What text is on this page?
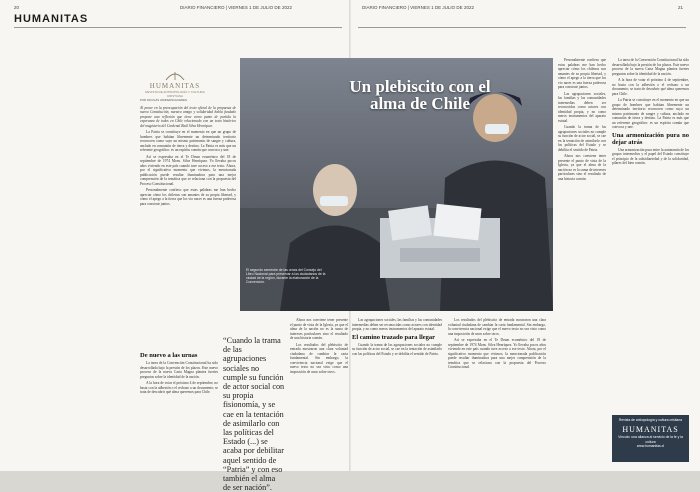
20	DIARIO FINANCIERO | VIERNES 1 DE JULIO DE 2022	DIARIO FINANCIERO | VIERNES 1 DE JULIO DE 2022	21
HUMANITAS
HUMANITAS
REVISTA DE ANTROPOLOGÍA Y CULTURA CRISTIANA
POR NICOLÁS VANDERSCHUEREN

Al poner en la preocupación del texto oficial de la propuesta de nueva Constitución, nuestra amigo y solidaridad habla fundado propone una reflexión que tiene como punto de partida la esperanza de todos en Chile relacionado con un texto histórico del magisterio del Cardenal Raúl Silva Henríquez.

La Patria se constituye en el momento en que un grupo de hombres que habitan libremente un determinado territorio reconocen como suyo un mismo patrimonio de sangre y cultura, anclado en comunión de tierra y destino. La Patria es más que un referente geográfico: es un espíritu común que convoca y une.

Así se expresaba en el Te Deum ecuménico del 18 de septiembre de 1974 Mons. Silva Henríquez. Yo llevaba pocos años viviendo en este país cuando tuve acceso a ese texto. Ahora, por el significativo momento que vivimos, la mencionada publicación puede resultar iluminadora para una mejor comprensión de la temática que se relaciona con la propuesta del Proceso Constitucional.

Personalmente confieso que estas palabras me han hecho apreciar cómo los chilenos son amantes de su propia libertad, y cómo el apego a la tierra que los vio nacer es una fuerza poderosa para construir juntos.

De nuevo a las urnas

La tarea de la Convención Constitucional ha sido desarrollada bajo la presión de los plazos. Este nuevo proceso de la nueva Carta Magna plantea fuertes preguntas sobre la identidad de la nación.

A la hora de votar el próximo 4 de septiembre, no basta con la adhesión o el rechazo a un documento; se trata de descubrir qué alma queremos para Chile.

“Cuando la trama de las agrupaciones sociales no cumple su función de actor social con su propia fisionomía, y se cae en la tentación de asimilarlo con las políticas del Estado (...) se acaba por debilitar aquel sentido de “Patria” y con eso también el alma de ser nación”.

Ahora nos conviene tener presente el punto de vista de la Iglesia, ya que el alma de la nación no es la suma de intereses particulares sino el resultado de una historia común.

Los resultados del plebiscito de entrada mostraron una clara voluntad ciudadana de cambiar la carta fundamental. Sin embargo, la convivencia nacional exige que el nuevo texto no sea visto como una imposición de unos sobre otros.

Un plebiscito con el alma de Chile
El segundo semestre de las urnas del Consejo del Libro Nacional para preservar a los ciudadanos de la ciudad de la región, durante la elaboración de la Convención.

Las agrupaciones sociales, las familias y las comunidades intermedias deben ser reconocidas como actores con identidad propia, y no como meros instrumentos del aparato estatal.

El camino trazado para llegar

Cuando la trama de las agrupaciones sociales no cumple su función de actor social, se cae en la tentación de asimilarlo con las políticas del Estado y se debilita el sentido de Patria.

Los resultados del plebiscito de entrada mostraron una clara voluntad ciudadana de cambiar la carta fundamental. Sin embargo, la convivencia nacional exige que el nuevo texto no sea visto como una imposición de unos sobre otros.

Así se expresaba en el Te Deum ecuménico del 18 de septiembre de 1974 Mons. Silva Henríquez. Yo llevaba pocos años viviendo en este país cuando tuve acceso a ese texto. Ahora, por el significativo momento que vivimos, la mencionada publicación puede resultar iluminadora para una mejor comprensión de la temática que se relaciona con la propuesta del Proceso Constitucional.

Personalmente confieso que estas palabras me han hecho apreciar cómo los chilenos son amantes de su propia libertad, y cómo el apego a la tierra que los vio nacer es una fuerza poderosa para construir juntos.

Las agrupaciones sociales, las familias y las comunidades intermedias deben ser reconocidas como actores con identidad propia, y no como meros instrumentos del aparato estatal.

Cuando la trama de las agrupaciones sociales no cumple su función de actor social, se cae en la tentación de asimilarlo con las políticas del Estado y se debilita el sentido de Patria.

Ahora nos conviene tener presente el punto de vista de la Iglesia, ya que el alma de la nación no es la suma de intereses particulares sino el resultado de una historia común.

La tarea de la Convención Constitucional ha sido desarrollada bajo la presión de los plazos. Este nuevo proceso de la nueva Carta Magna plantea fuertes preguntas sobre la identidad de la nación.

A la hora de votar el próximo 4 de septiembre, no basta con la adhesión o el rechazo a un documento; se trata de descubrir qué alma queremos para Chile.

La Patria se constituye en el momento en que un grupo de hombres que habitan libremente un determinado territorio reconocen como suyo un mismo patrimonio de sangre y cultura, anclado en comunión de tierra y destino. La Patria es más que un referente geográfico: es un espíritu común que convoca y une.

Una armonización pura no dejar atrás

Una armonización pura entre la autonomía de los grupos intermedios y el papel del Estado constituye el principio de la subsidiariedad y de la solidaridad, pilares del bien común.

Revista de antropología y cultura cristiana
HUMANITAS
Vínculo: una alianza al servicio de la fe y la cultura
www.humanitas.cl
